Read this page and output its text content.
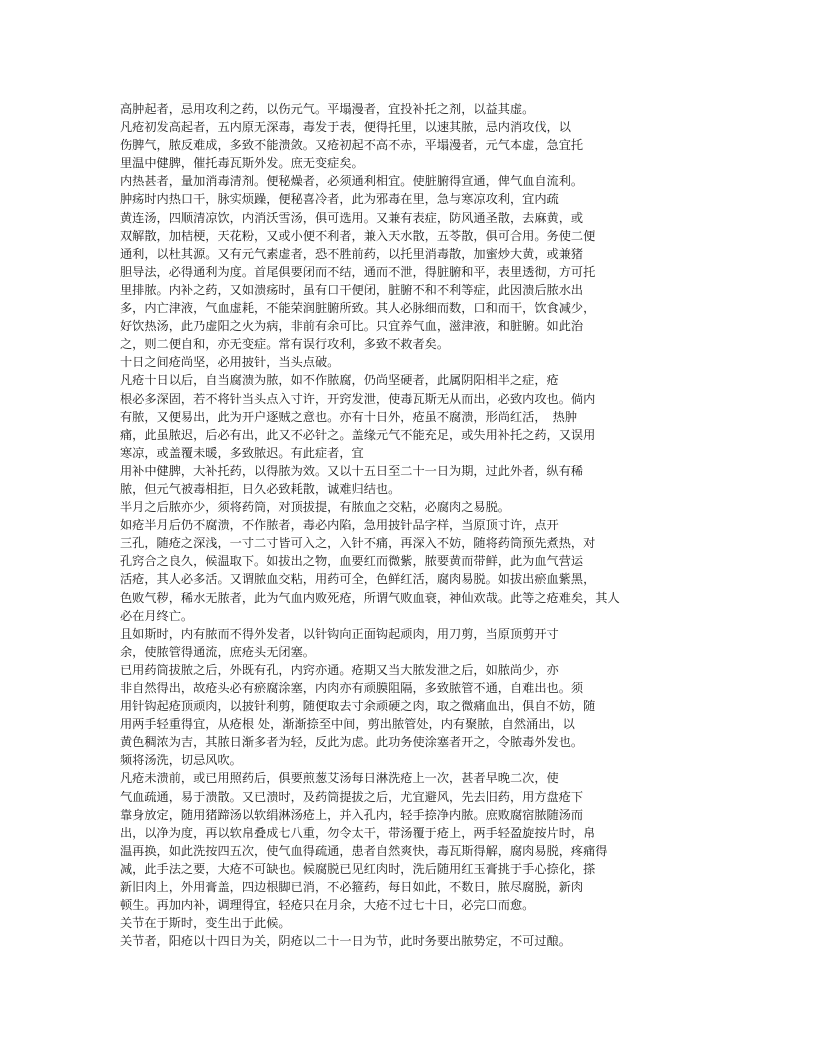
高肿起者，忌用攻利之药，以伤元气。平塌漫者，宜投补托之剂，以益其虚。
凡疮初发高起者，五内原无深毒，毒发于表，便得托里，以速其脓，忌内消攻伐，以
伤脾气，脓反难成，多致不能溃敛。又疮初起不高不赤，平塌漫者，元气本虚，急宜托
里温中健脾，催托毒瓦斯外发。庶无变症矣。
内热甚者，量加消毒清剂。便秘燥者，必须通利相宜。使脏腑得宣通，俾气血自流利。
肿疡时内热口干，脉实烦躁，便秘喜冷者，此为邪毒在里，急与寒凉攻利，宜内疏
黄连汤，四顺清凉饮，内消沃雪汤，俱可选用。又兼有表症，防风通圣散，去麻黄，或
双解散，加桔梗，天花粉，又或小便不利者，兼入天水散，五苓散，俱可合用。务使二便
通利，以杜其源。又有元气素虚者，恐不胜前药，以托里消毒散，加蜜炒大黄，或兼猪
胆导法，必得通利为度。首尾俱要闭而不结，通而不泄，得脏腑和平，表里透彻，方可托
里排脓。内补之药，又如溃疡时，虽有口干便闭，脏腑不和不利等症，此因溃后脓水出
多，内亡津液，气血虚耗，不能荣润脏腑所致。其人必脉细而数，口和而干，饮食减少，
好饮热汤，此乃虚阳之火为病，非前有余可比。只宜养气血，滋津液，和脏腑。如此治
之，则二便自和，亦无变症。常有误行攻利，多致不救者矣。
十日之间疮尚坚，必用披针，当头点破。
凡疮十日以后，自当腐溃为脓，如不作脓腐，仍尚坚硬者，此属阴阳相半之症，疮
根必多深固，若不将针当头点入寸许，开窍发泄，使毒瓦斯无从而出，必致内攻也。倘内
有脓，又便易出，此为开户逐贼之意也。亦有十日外，疮虽不腐溃，形尚红活，　热肿
痛，此虽脓迟，后必有出，此又不必针之。盖缘元气不能充足，或失用补托之药，又误用
寒凉，或盖覆未暖，多致脓迟。有此症者，宜
用补中健脾，大补托药，以得脓为效。又以十五日至二十一日为期，过此外者，纵有稀
脓，但元气被毒相拒，日久必致耗散，诚难归结也。
半月之后脓亦少，须将药筒，对顶拔提，有脓血之交粘，必腐肉之易脱。
如疮半月后仍不腐溃，不作脓者，毒必内陷，急用披针品字样，当原顶寸许，点开
三孔，随疮之深浅，一寸二寸皆可入之，入针不痛，再深入不妨，随将药筒预先煮热，对
孔窍合之良久，候温取下。如拔出之物，血要红而微紫，脓要黄而带鲜，此为血气营运
活疮，其人必多活。又谓脓血交粘，用药可全，色鲜红活，腐肉易脱。如拔出瘀血紫黑，
色败气秽，稀水无脓者，此为气血内败死疮，所谓气败血衰，神仙欢哉。此等之疮难矣，其人
必在月终亡。
且如斯时，内有脓而不得外发者，以针钩向正面钩起顽肉，用刀剪，当原顶剪开寸
余，使脓管得通流，庶疮头无闭塞。
已用药筒拔脓之后，外既有孔，内窍亦通。疮期又当大脓发泄之后，如脓尚少，亦
非自然得出，故疮头必有瘀腐涂塞，内肉亦有顽膜阻隔，多致脓管不通，自难出也。须
用针钩起疮顶顽肉，以披针利剪，随便取去寸余顽硬之肉，取之微痛血出，俱自不妨，随
用两手轻重得宜，从疮根 处，渐渐捺至中间，剪出脓管处，内有聚脓，自然涌出，以
黄色稠浓为吉，其脓日渐多者为轻，反此为虑。此功务使涂塞者开之，令脓毒外发也。
频将汤洗，切忌风吹。
凡疮未溃前，或已用照药后，俱要煎葱艾汤每日淋洗疮上一次，甚者早晚二次，使
气血疏通，易于溃散。又已溃时，及药筒提拔之后，尤宜避风，先去旧药，用方盘疮下
靠身放定，随用猪蹄汤以软绢淋汤疮上，并入孔内，轻手捺净内脓。庶败腐宿脓随汤而
出，以净为度，再以软帛叠成七八重，勿令太干，带汤覆于疮上，两手轻盈旋按片时，帛
温再换，如此洗按四五次，使气血得疏通，患者自然爽快，毒瓦斯得解，腐肉易脱，疼痛得
减，此手法之要，大疮不可缺也。候腐脱已见红肉时，洗后随用红玉膏挑于手心捺化，搽
新旧肉上，外用膏盖，四边根脚已消，不必箍药，每日如此，不数日，脓尽腐脱，新肉
顿生。再加内补，调理得宜，轻疮只在月余，大疮不过七十日，必完口而愈。
关节在于斯时，变生出于此候。
关节者，阳疮以十四日为关，阴疮以二十一日为节，此时务要出脓势定，不可过酿。
